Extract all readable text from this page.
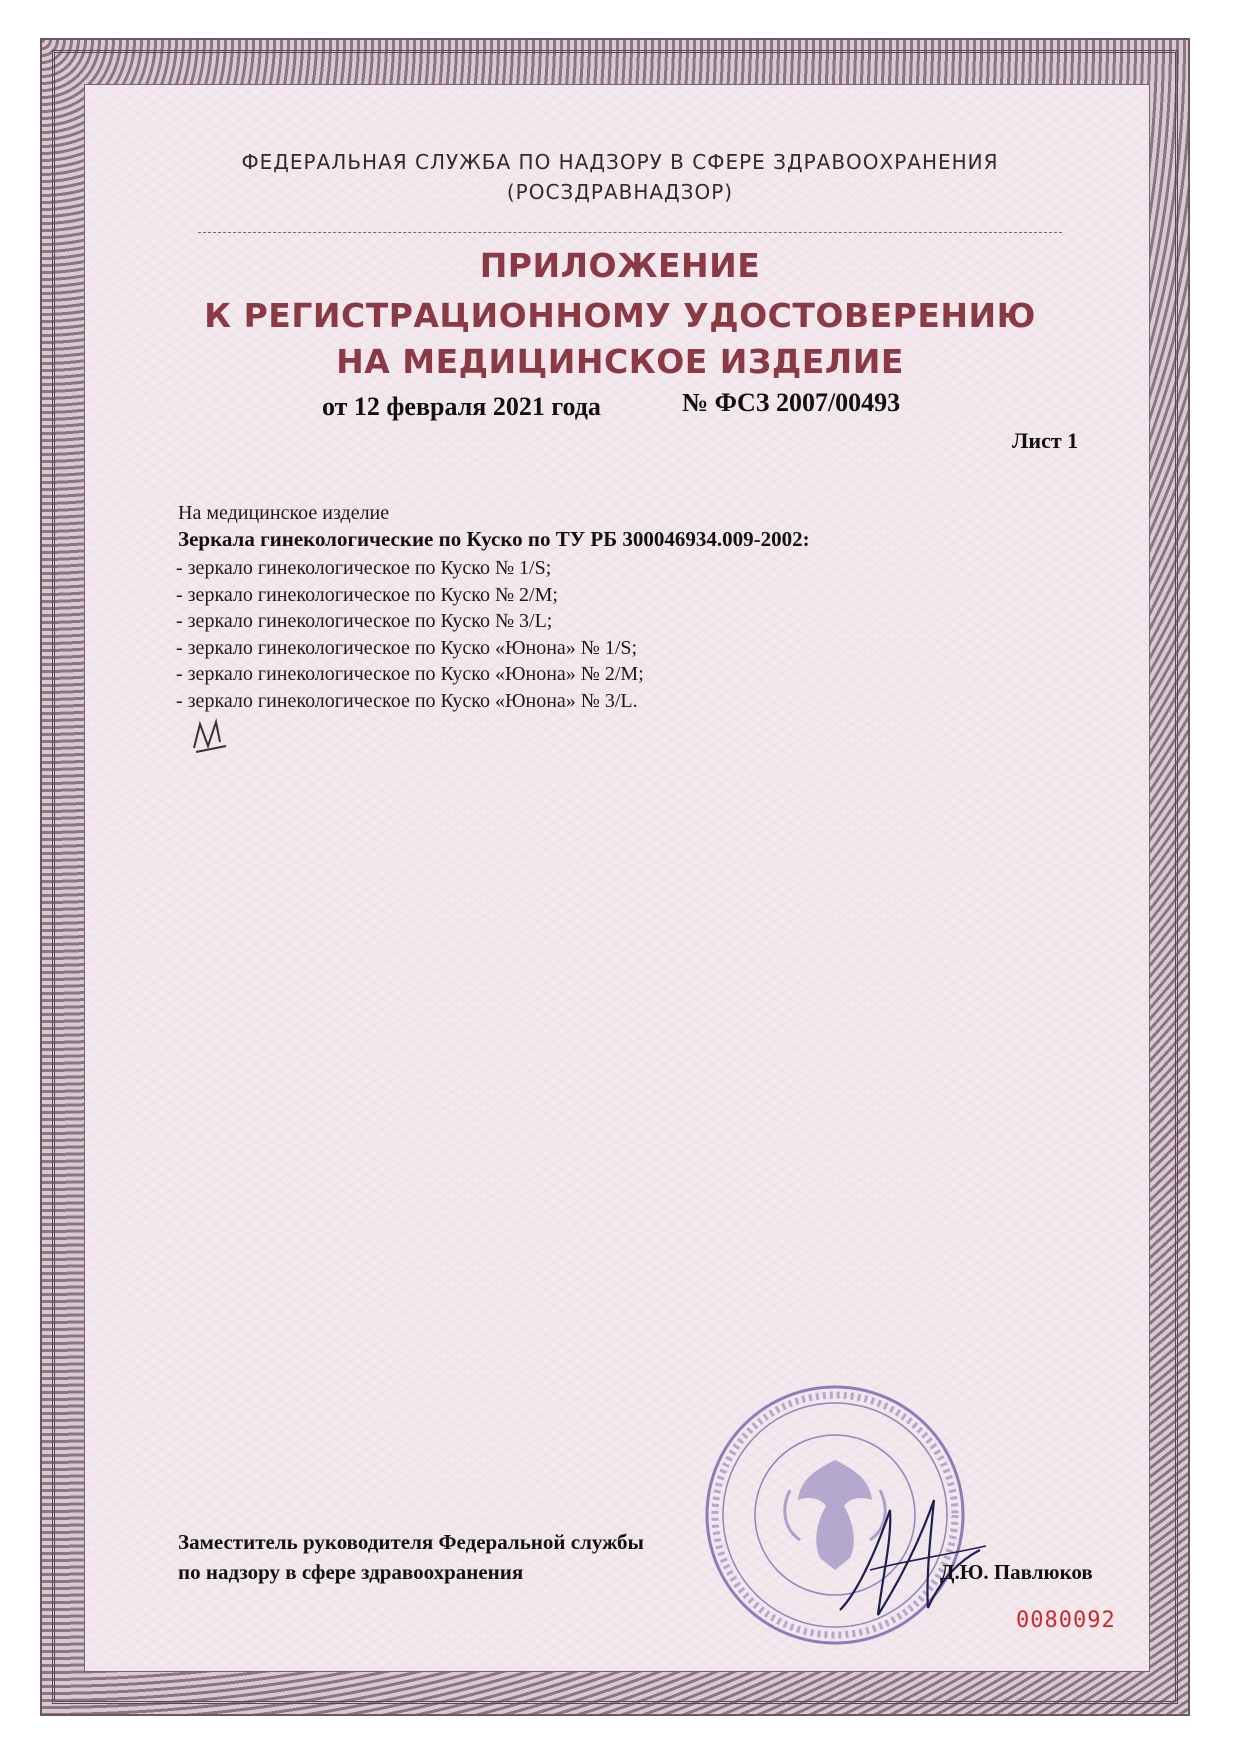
ФЕДЕРАЛЬНАЯ СЛУЖБА ПО НАДЗОРУ В СФЕРЕ ЗДРАВООХРАНЕНИЯ

(РОСЗДРАВНАДЗОР)

ПРИЛОЖЕНИЕ
К РЕГИСТРАЦИОННОМУ УДОСТОВЕРЕНИЮ
НА МЕДИЦИНСКОЕ ИЗДЕЛИЕ

от 12 февраля 2021 года	№ ФСЗ 2007/00493

Лист 1

На медицинское изделие

Зеркала гинекологические по Куско по ТУ РБ 300046934.009-2002:

- зеркало гинекологическое по Куско № 1/S;
- зеркало гинекологическое по Куско № 2/М;
- зеркало гинекологическое по Куско № 3/L;
- зеркало гинекологическое по Куско «Юнона» № 1/S;
- зеркало гинекологическое по Куско «Юнона» № 2/М;
- зеркало гинекологическое по Куско «Юнона» № 3/L.

Заместитель руководителя Федеральной службы

по надзору в сфере здравоохранения	Д.Ю. Павлюков

0080092
